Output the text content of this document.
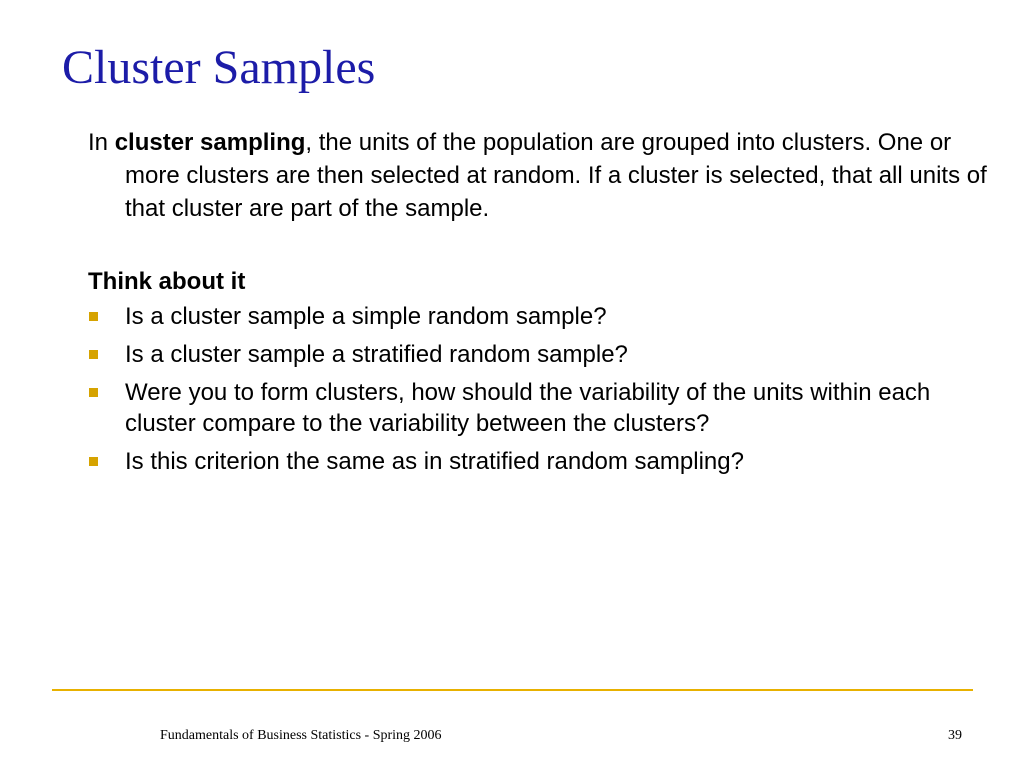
Cluster Samples

In cluster sampling, the units of the population are grouped into clusters. One or more clusters are then selected at random. If a cluster is selected, that all units of that cluster are part of the sample.

Think about it

Is a cluster sample a simple random sample?
Is a cluster sample a stratified random sample?
Were you to form clusters, how should the variability of the units within each cluster compare to the variability between the clusters?
Is this criterion the same as in stratified random sampling?
Fundamentals of Business Statistics - Spring 2006	39
